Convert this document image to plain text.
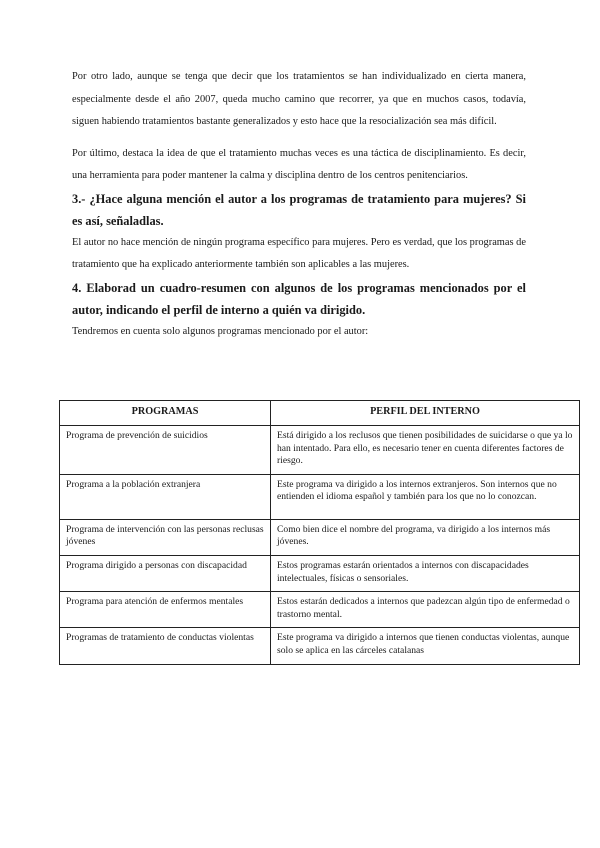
Por otro lado, aunque se tenga que decir que los tratamientos se han individualizado en cierta manera, especialmente desde el año 2007, queda mucho camino que recorrer, ya que en muchos casos, todavía, siguen habiendo tratamientos bastante generalizados y esto hace que la resocialización sea más difícil.

Por último, destaca la idea de que el tratamiento muchas veces es una táctica de disciplinamiento. Es decir, una herramienta para poder mantener la calma y disciplina dentro de los centros penitenciarios.

3.- ¿Hace alguna mención el autor a los programas de tratamiento para mujeres? Si es así, señaladlas.

El autor no hace mención de ningún programa específico para mujeres. Pero es verdad, que los programas de tratamiento que ha explicado anteriormente también son aplicables a las mujeres.

4. Elaborad un cuadro-resumen con algunos de los programas mencionados por el autor, indicando el perfil de interno a quién va dirigido.

Tendremos en cuenta solo algunos programas mencionado por el autor:

PROGRAMAS	PERFIL DEL INTERNO
Programa de prevención de suicidios	Está dirigido a los reclusos que tienen posibilidades de suicidarse o que ya lo han intentado. Para ello, es necesario tener en cuenta diferentes factores de riesgo.
Programa a la población extranjera	Este programa va dirigido a los internos extranjeros. Son internos que no entienden el idioma español y también para los que no lo conozcan.
Programa de intervención con las personas reclusas jóvenes	Como bien dice el nombre del programa, va dirigido a los internos más jóvenes.
Programa dirigido a personas con discapacidad	Estos programas estarán orientados a internos con discapacidades intelectuales, físicas o sensoriales.
Programa para atención de enfermos mentales	Estos estarán dedicados a internos que padezcan algún tipo de enfermedad o trastorno mental.
Programas de tratamiento de conductas violentas	Este programa va dirigido a internos que tienen conductas violentas, aunque solo se aplica en las cárceles catalanas
